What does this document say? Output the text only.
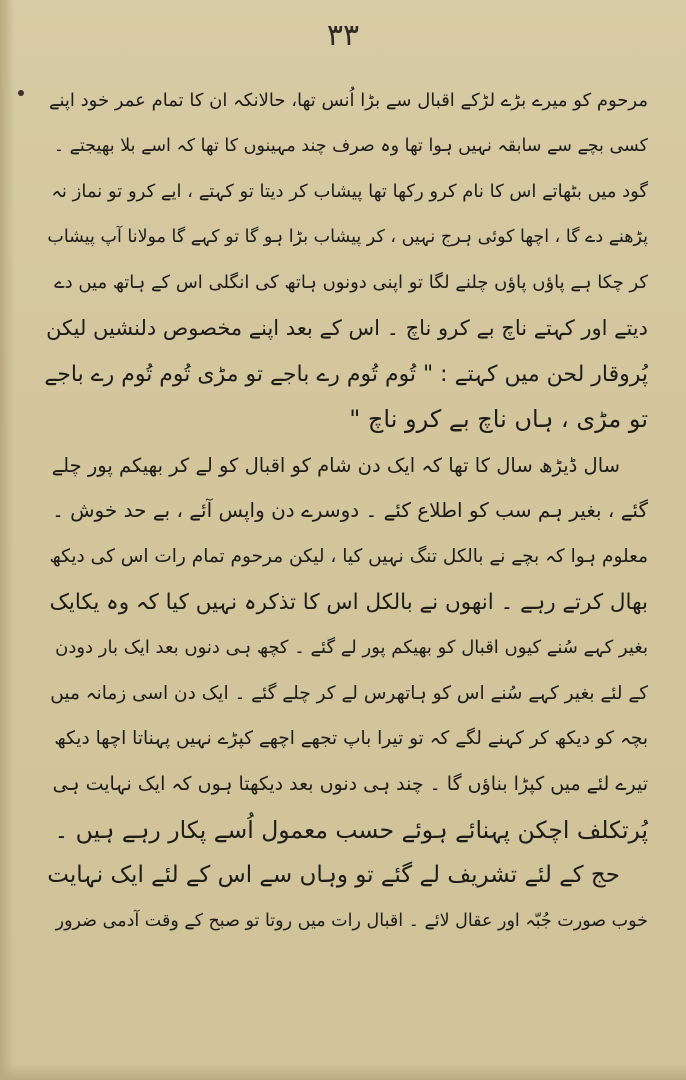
۳۳
مرحوم کو میرے بڑے لڑکے اقبال سے بڑا اُنس تھا، حالانکہ ان کا تمام عمر خود اپنے
کسی بچے سے سابقہ نہیں ہوا تھا وہ صرف چند مہینوں کا تھا کہ اسے بلا بھیجتے ۔
گود میں بٹھاتے اس کا نام کرو رکھا تھا پیشاب کر دیتا تو کہتے ، ایے کرو تو نماز نہ
پڑھنے دے گا ، اچھا کوئی ہرج نہیں ، کر پیشاب بڑا ہو گا تو کہے گا مولانا آپ پیشاب
کر چکا ہے پاؤں پاؤں چلنے لگا تو اپنی دونوں ہاتھ کی انگلی اس کے ہاتھ میں دے
دیتے اور کہتے ناچ بے کرو ناچ ۔ اس کے بعد اپنے مخصوص دلنشیں لیکن
پُروقار لحن میں کہتے : " تُوم تُوم رے باجے تو مڑی تُوم تُوم رے باجے
تو مڑی ، ہاں ناچ بے کرو ناچ "
سال ڈیڑھ سال کا تھا کہ ایک دن شام کو اقبال کو لے کر بھیکم پور چلے
گئے ، بغیر ہم سب کو اطلاع کئے ۔ دوسرے دن واپس آئے ، بے حد خوش ۔
معلوم ہوا کہ بچے نے بالکل تنگ نہیں کیا ، لیکن مرحوم تمام رات اس کی دیکھ
بھال کرتے رہے ۔ انھوں نے بالکل اس کا تذکرہ نہیں کیا کہ وہ یکایک
بغیر کہے سُنے کیوں اقبال کو بھیکم پور لے گئے ۔ کچھ ہی دنوں بعد ایک بار دودن
کے لئے بغیر کہے سُنے اس کو ہاتھرس لے کر چلے گئے ۔ ایک دن اسی زمانہ میں
بچہ کو دیکھ کر کہنے لگے کہ تو تیرا باپ تجھے اچھے کپڑے نہیں پہناتا اچھا دیکھ
تیرے لئے میں کپڑا بناؤں گا ۔ چند ہی دنوں بعد دیکھتا ہوں کہ ایک نہایت ہی
پُرتکلف اچکن پہنائے ہوئے حسب معمول اُسے پکار رہے ہیں ۔
حج کے لئے تشریف لے گئے تو وہاں سے اس کے لئے ایک نہایت
خوب صورت جُبّہ اور عقال لائے ۔ اقبال رات میں روتا تو صبح کے وقت آدمی ضرور
